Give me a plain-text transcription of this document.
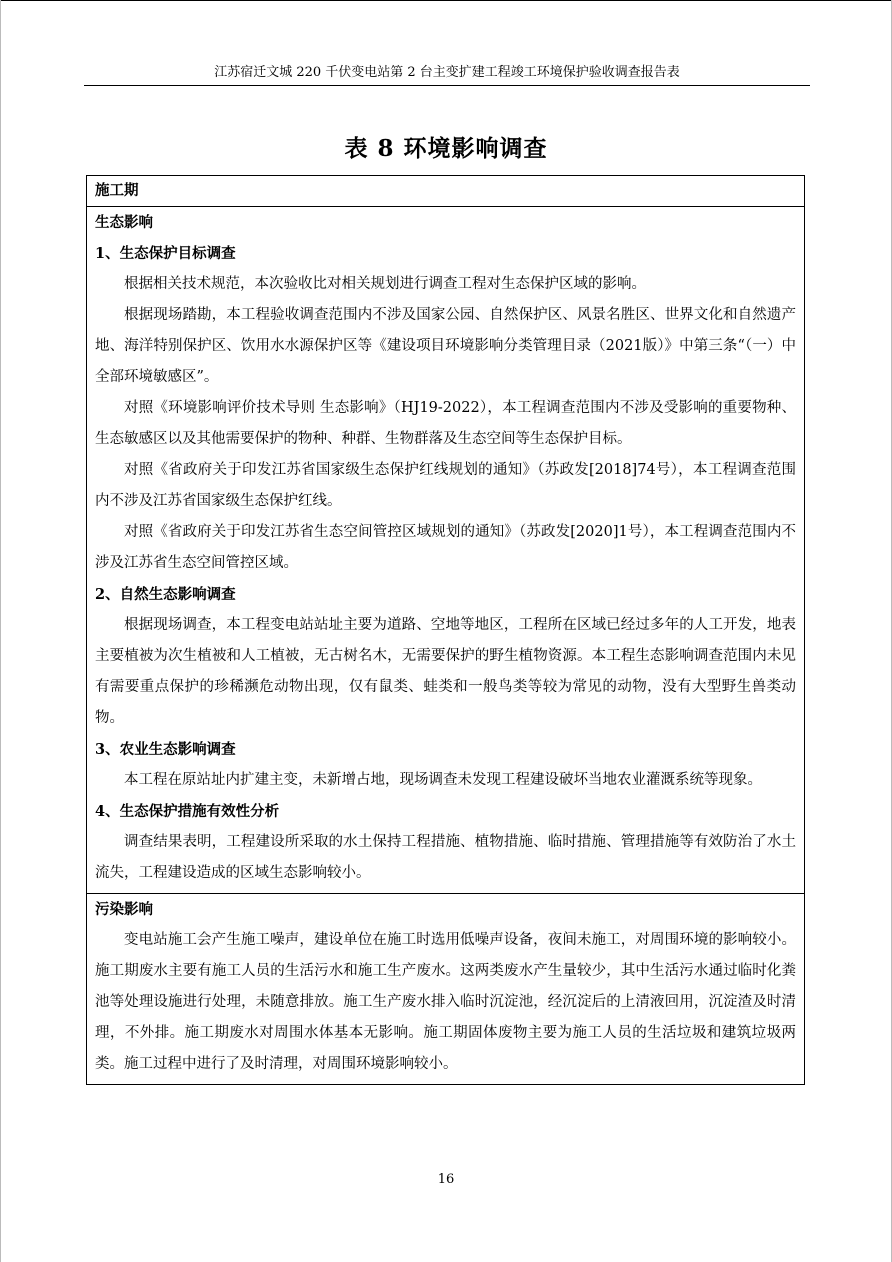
江苏宿迁文城 220 千伏变电站第 2 台主变扩建工程竣工环境保护验收调查报告表
表 8 环境影响调查
施工期
生态影响
1、生态保护目标调查

根据相关技术规范，本次验收比对相关规划进行调查工程对生态保护区域的影响。

根据现场踏勘，本工程验收调查范围内不涉及国家公园、自然保护区、风景名胜区、世界文化和自然遗产地、海洋特别保护区、饮用水水源保护区等《建设项目环境影响分类管理目录（2021版）》中第三条“（一）中全部环境敏感区”。

对照《环境影响评价技术导则 生态影响》（HJ19-2022），本工程调查范围内不涉及受影响的重要物种、生态敏感区以及其他需要保护的物种、种群、生物群落及生态空间等生态保护目标。

对照《省政府关于印发江苏省国家级生态保护红线规划的通知》（苏政发[2018]74号），本工程调查范围内不涉及江苏省国家级生态保护红线。

对照《省政府关于印发江苏省生态空间管控区域规划的通知》（苏政发[2020]1号），本工程调查范围内不涉及江苏省生态空间管控区域。

2、自然生态影响调查

根据现场调查，本工程变电站站址主要为道路、空地等地区，工程所在区域已经过多年的人工开发，地表主要植被为次生植被和人工植被，无古树名木，无需要保护的野生植物资源。本工程生态影响调查范围内未见有需要重点保护的珍稀濒危动物出现，仅有鼠类、蛙类和一般鸟类等较为常见的动物，没有大型野生兽类动物。

3、农业生态影响调查

本工程在原站址内扩建主变，未新增占地，现场调查未发现工程建设破坏当地农业灌溉系统等现象。

4、生态保护措施有效性分析

调查结果表明，工程建设所采取的水土保持工程措施、植物措施、临时措施、管理措施等有效防治了水土流失，工程建设造成的区域生态影响较小。

污染影响

变电站施工会产生施工噪声，建设单位在施工时选用低噪声设备，夜间未施工，对周围环境的影响较小。施工期废水主要有施工人员的生活污水和施工生产废水。这两类废水产生量较少，其中生活污水通过临时化粪池等处理设施进行处理，未随意排放。施工生产废水排入临时沉淀池，经沉淀后的上清液回用，沉淀渣及时清理，不外排。施工期废水对周围水体基本无影响。施工期固体废物主要为施工人员的生活垃圾和建筑垃圾两类。施工过程中进行了及时清理，对周围环境影响较小。

16
